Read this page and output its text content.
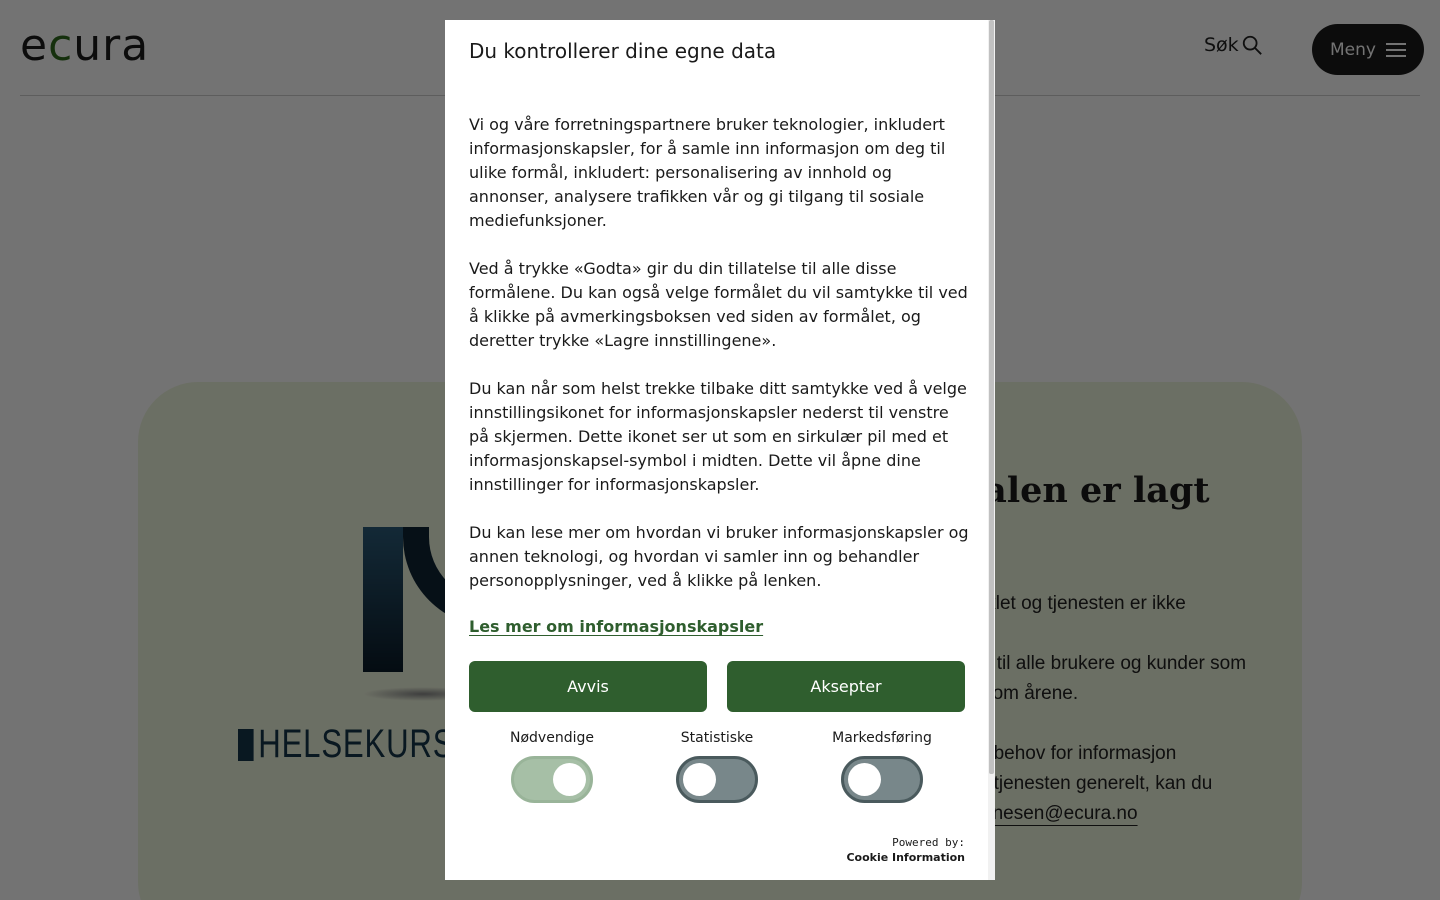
Du kontrollerer dine egne data

Vi og våre forretningspartnere bruker teknologier, inkludert informasjonskapsler, for å samle inn informasjon om deg til ulike formål, inkludert: personalisering av innhold og annonser, analysere trafikken vår og gi tilgang til sosiale mediefunksjoner.

Ved å trykke «Godta» gir du din tillatelse til alle disse formålene. Du kan også velge formålet du vil samtykke til ved å klikke på avmerkingsboksen ved siden av formålet, og deretter trykke «Lagre innstillingene».

Du kan når som helst trekke tilbake ditt samtykke ved å velge innstillingsikonet for informasjonskapsler nederst til venstre på skjermen. Dette ikonet ser ut som en sirkulær pil med et informasjonskapsel-symbol i midten. Dette vil åpne dine innstillinger for informasjonskapsler.

Du kan lese mer om hvordan vi bruker informasjonskapsler og annen teknologi, og hvordan vi samler inn og behandler personopplysninger, ved å klikke på lenken.

Les mer om informasjonskapsler
Avvis	Aksepter
Nødvendige	Statistiske	Markedsføring
Powered by:
Cookie Information
